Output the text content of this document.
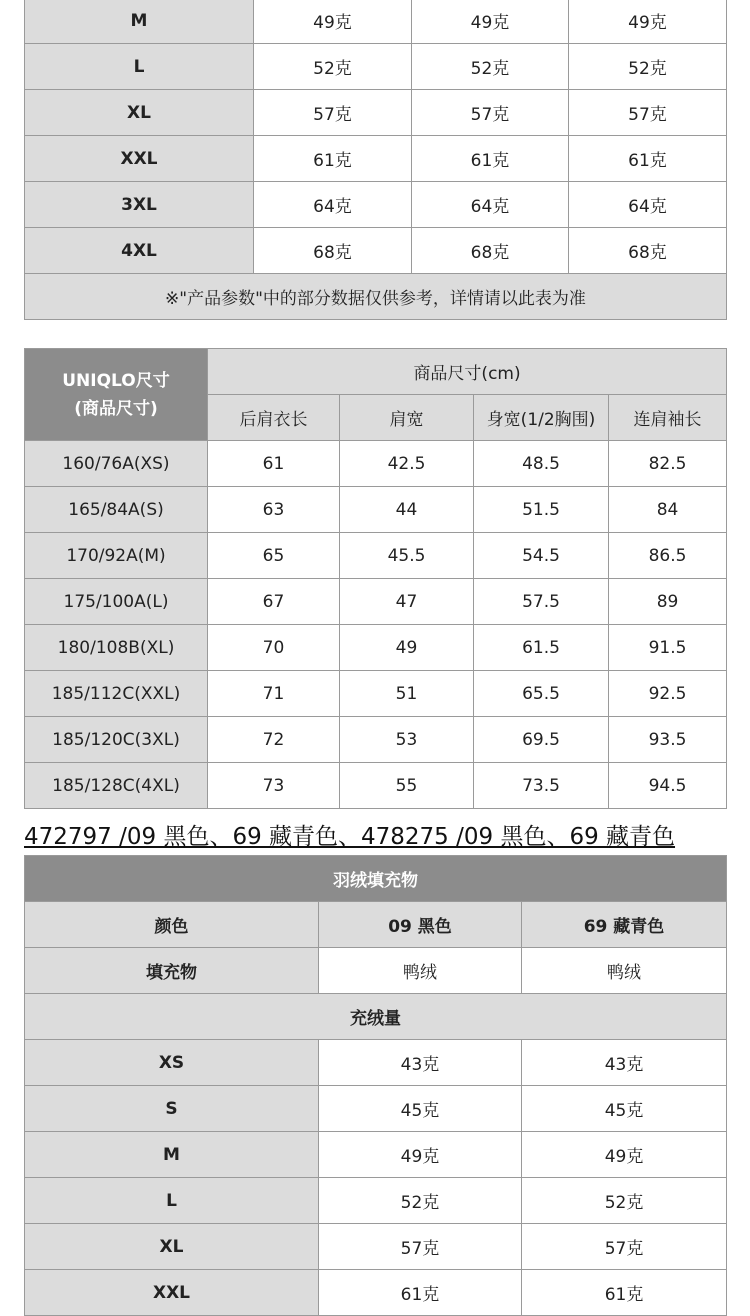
M	49克	49克	49克
L	52克	52克	52克
XL	57克	57克	57克
XXL	61克	61克	61克
3XL	64克	64克	64克
4XL	68克	68克	68克
※"产品参数"中的部分数据仅供参考，详情请以此表为准			
UNIQLO尺寸
(商品尺寸)	商品尺寸(cm)			
	后肩衣长	肩宽	身宽(1/2胸围)	连肩袖长
160/76A(XS)	61	42.5	48.5	82.5
165/84A(S)	63	44	51.5	84
170/92A(M)	65	45.5	54.5	86.5
175/100A(L)	67	47	57.5	89
180/108B(XL)	70	49	61.5	91.5
185/112C(XXL)	71	51	65.5	92.5
185/120C(3XL)	72	53	69.5	93.5
185/128C(4XL)	73	55	73.5	94.5
472797 /09 黑色、69 藏青色、478275 /09 黑色、69 藏青色
羽绒填充物		
颜色	09 黑色	69 藏青色
填充物	鸭绒	鸭绒
充绒量		
XS	43克	43克
S	45克	45克
M	49克	49克
L	52克	52克
XL	57克	57克
XXL	61克	61克
